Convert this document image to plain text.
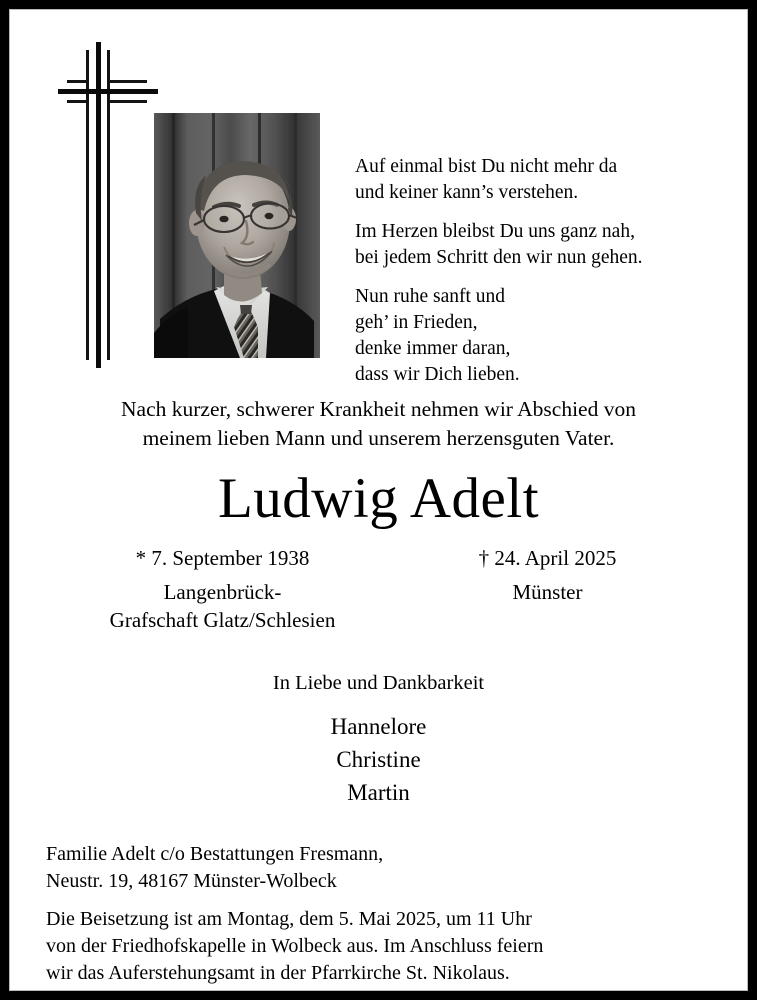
Auf einmal bist Du nicht mehr da
und keiner kann’s verstehen.
Im Herzen bleibst Du uns ganz nah,
bei jedem Schritt den wir nun gehen.
Nun ruhe sanft und
geh’ in Frieden,
denke immer daran,
dass wir Dich lieben.
Nach kurzer, schwerer Krankheit nehmen wir Abschied von
meinem lieben Mann und unserem herzensguten Vater.
Ludwig Adelt
* 7. September 1938
Langenbrück-
Grafschaft Glatz/Schlesien
† 24. April 2025
Münster
In Liebe und Dankbarkeit
Hannelore
Christine
Martin
Familie Adelt c/o Bestattungen Fresmann,
Neustr. 19, 48167 Münster-Wolbeck
Die Beisetzung ist am Montag, dem 5. Mai 2025, um 11 Uhr
von der Friedhofskapelle in Wolbeck aus. Im Anschluss feiern
wir das Auferstehungsamt in der Pfarrkirche St. Nikolaus.
